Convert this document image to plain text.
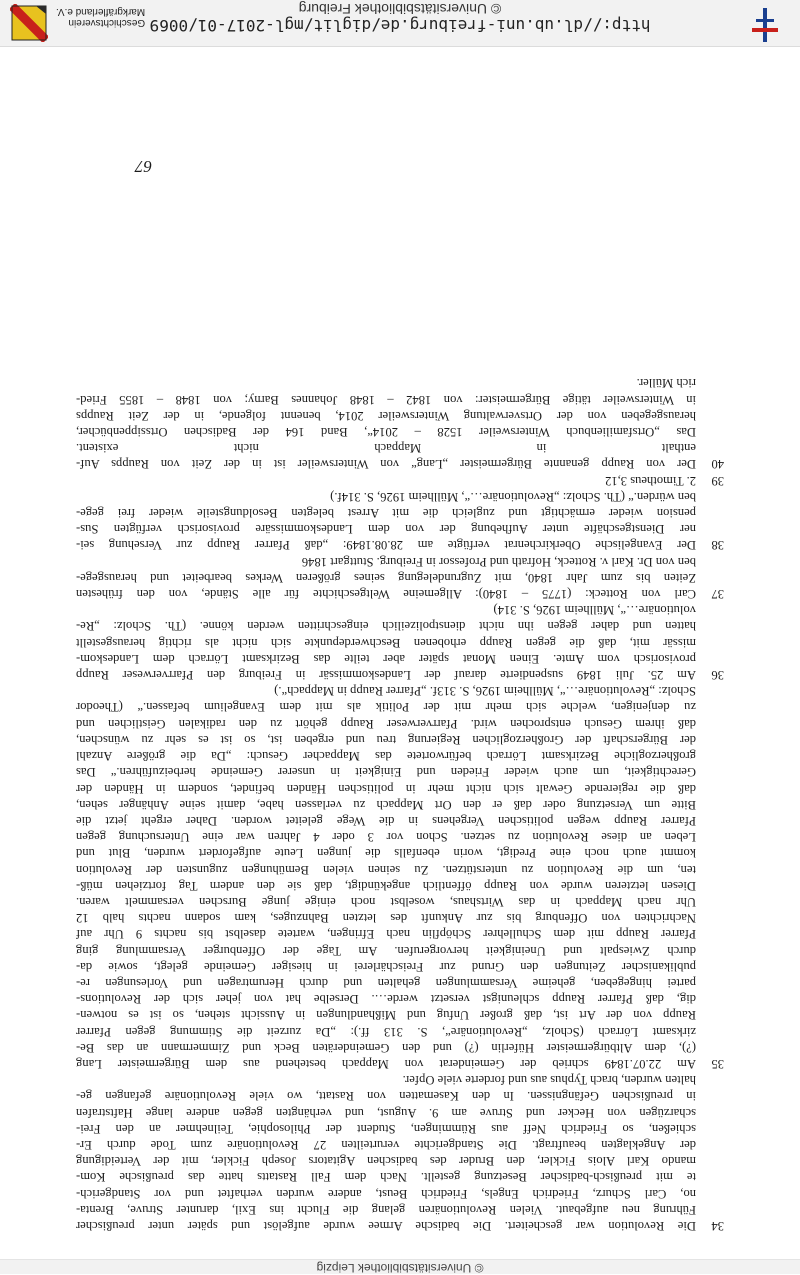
http://dl.ub.uni-freiburg.de/diglit/mgl-2017-01/0069
© Universitätsbibliothek Freiburg
Geschichtsverein
Markgräflerland e.V.
© Universitätsbibliothek Leipzig
34
Die Revolution war gescheitert. Die badische Armee wurde aufgelöst und später unter preußischer
Führung neu aufgebaut. Vielen Revolutionären gelang die Flucht ins Exil, darunter Struve, Brenta-
no, Carl Schurz, Friedrich Engels, Friedrich Beust, andere wurden verhaftet und vor Standgerich-
te mit preußisch-badischer Besetzung gestellt. Nach dem Fall Rastatts hatte das preußische Kom-
mando Karl Alois Fickler, den Bruder des badischen Agitators Joseph Fickler, mit der Verteidigung
der Angeklagten beauftragt. Die Standgerichte verurteilten 27 Revolutionäre zum Tode durch Er-
schießen, so Friedrich Neff aus Rümmingen, Student der Philosophie, Teilnehmer an den Frei-
scharzügen von Hecker und Struve am 9. August, und verhängten gegen andere lange Haftstrafen
in preußischen Gefängnissen. In den Kasematten von Rastatt, wo viele Revolutionäre gefangen ge-
halten wurden, brach Typhus aus und forderte viele Opfer.
35
Am 22.07.1849 schrieb der Gemeinderat von Mappach bestehend aus dem Bürgermeister Lang
(?), dem Altbürgermeister Hüferlin (?) und den Gemeinderäten Beck und Zimmermann an das Be-
zirksamt Lörrach (Scholz, „Revolutionäre“, S. 313 ff.): „Da zurzeit die Stimmung gegen Pfarrer
Raupp von der Art ist, daß großer Unfug und Mißhandlungen in Aussicht stehen, so ist es notwen-
dig, daß Pfarrer Raupp schleunigst versetzt werde…. Derselbe hat von jeher sich der Revolutions-
partei hingegeben, geheime Versammlungen gehalten und durch Herumtragen und Vorlesungen re-
publikanischer Zeitungen den Grund zur Freischärlerei in hiesiger Gemeinde gelegt, sowie da-
durch Zwiespalt und Uneinigkeit hervorgerufen. Am Tage der Offenburger Versammlung ging
Pfarrer Raupp mit dem Schullehrer Schöpflin nach Efringen, wartete daselbst bis nachts 9 Uhr auf
Nachrichten von Offenburg bis zur Ankunft des letzten Bahnzuges, kam sodann nachts halb 12
Uhr nach Mappach in das Wirtshaus, woselbst noch einige junge Burschen versammelt waren.
Diesen letzteren wurde von Raupp öffentlich angekündigt, daß sie den andern Tag fortziehen müß-
ten, um die Revolution zu unterstützen. Zu seinen vielen Bemühungen zugunsten der Revolution
kommt auch noch eine Predigt, worin ebenfalls die jungen Leute aufgefordert wurden, Blut und
Leben an diese Revolution zu setzen. Schon vor 3 oder 4 Jahren war eine Untersuchung gegen
Pfarrer Raupp wegen politischen Vergehens in die Wege geleitet worden. Daher ergeht jetzt die
Bitte um Versetzung oder daß er den Ort Mappach zu verlassen habe, damit seine Anhänger sehen,
daß die regierende Gewalt sich nicht mehr in politischen Händen befindet, sondern in Händen der
Gerechtigkeit, um auch wieder Frieden und Einigkeit in unserer Gemeinde herbeizuführen.“ Das
großherzogliche Bezirksamt Lörrach befürwortete das Mappacher Gesuch: „Da die größere Anzahl
der Bürgerschaft der Großherzoglichen Regierung treu und ergeben ist, so ist es sehr zu wünschen,
daß ihrem Gesuch entsprochen wird. Pfarrverweser Raupp gehört zu den radikalen Geistlichen und
zu denjenigen, welche sich mehr mit der Politik als mit dem Evangelium befassen.“ (Theodor
Scholz: „Revolutionäre…“, Müllheim 1926, S. 313f. „Pfarrer Raupp in Mappach“.)
36
Am 25. Juli 1849 suspendierte darauf der Landeskommissär in Freiburg den Pfarrverweser Raupp
provisorisch vom Amte. Einen Monat später aber teilte das Bezirksamt Lörrach dem Landeskom-
missär mit, daß die gegen Raupp erhobenen Beschwerdepunkte sich nicht als richtig herausgestellt
hatten und daher gegen ihn nicht dienstpolizeilich eingeschritten werden könne. (Th. Scholz: „Re-
volutionäre…“, Müllheim 1926, S. 314)
37
Carl von Rotteck: (1775 – 1840): Allgemeine Weltgeschichte für alle Stände, von den frühesten
Zeiten bis zum Jahr 1840, mit Zugrundelegung seines größeren Werkes bearbeitet und herausgege-
ben von Dr. Karl v. Rotteck, Hofrath und Professor in Freiburg. Stuttgart 1846
38
Der Evangelische Oberkirchenrat verfügte am 28.08.1849: „daß Pfarrer Raupp zur Versehung sei-
ner Dienstgeschäfte unter Aufhebung der von dem Landeskommissäre provisorisch verfügten Sus-
pension wieder ermächtigt und zugleich die mit Arrest belegten Besoldungsteile wieder frei gege-
ben würden.“ (Th. Scholz: „Revolutionäre…“, Müllheim 1926, S. 314f.)
39
2. Timotheus 3,12
40
Der von Raupp genannte Bürgermeister „Lang“ von Wintersweiler ist in der Zeit von Raupps Auf-
enthalt in Mappach nicht existent.
Das „Ortsfamilienbuch Wintersweiler 1528 – 2014“, Band 164 der Badischen Ortssippenbücher,
herausgegeben von der Ortsverwaltung Wintersweiler 2014, benennt folgende, in der Zeit Raupps
in Wintersweiler tätige Bürgermeister: von 1842 – 1848 Johannes Barny; von 1848 – 1855 Fried-
rich Müller.
67
